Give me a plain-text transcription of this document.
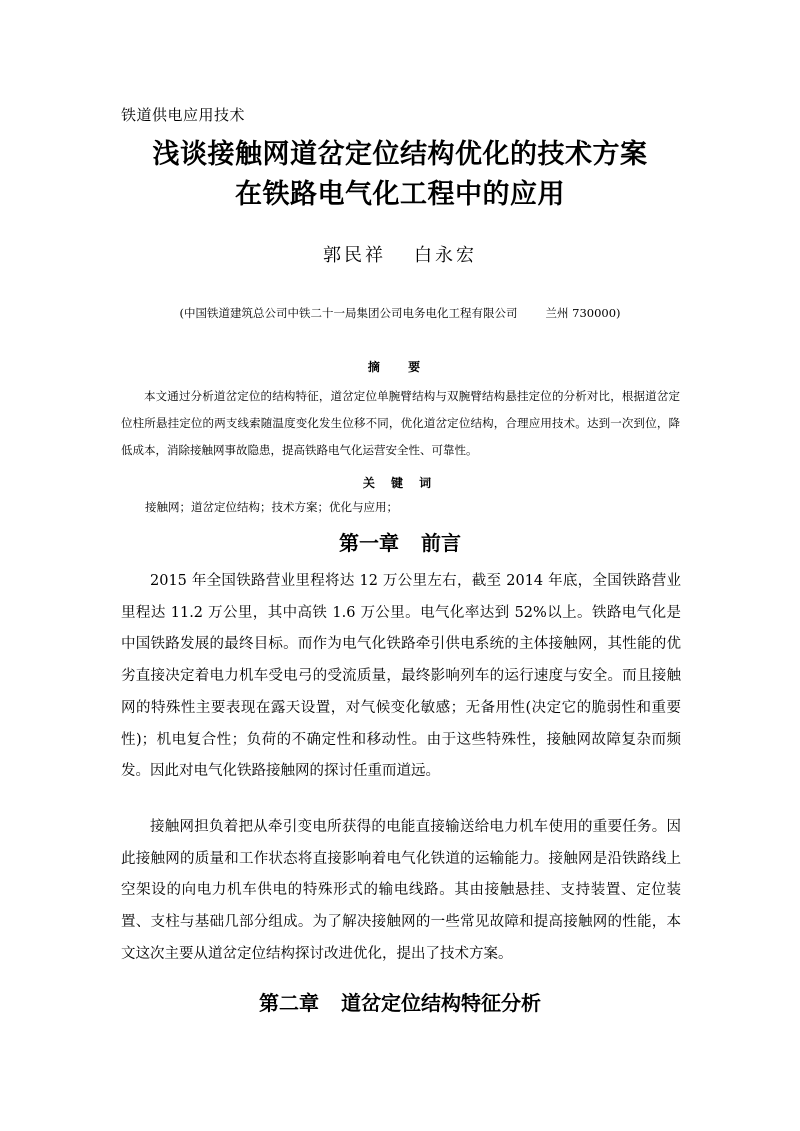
铁道供电应用技术
浅谈接触网道岔定位结构优化的技术方案
在铁路电气化工程中的应用
郭民祥 白永宏
(中国铁道建筑总公司中铁二十一局集团公司电务电化工程有限公司 兰州 730000)
摘 要
本文通过分析道岔定位的结构特征，道岔定位单腕臂结构与双腕臂结构悬挂定位的分析对比，根据道岔定位柱所悬挂定位的两支线索随温度变化发生位移不同，优化道岔定位结构，合理应用技术。达到一次到位，降低成本，消除接触网事故隐患，提高铁路电气化运营安全性、可靠性。
关 键 词
接触网；道岔定位结构；技术方案；优化与应用；
第一章 前言
2015 年全国铁路营业里程将达 12 万公里左右，截至 2014 年底，全国铁路营业里程达 11.2 万公里，其中高铁 1.6 万公里。电气化率达到 52%以上。铁路电气化是中国铁路发展的最终目标。而作为电气化铁路牵引供电系统的主体接触网，其性能的优劣直接决定着电力机车受电弓的受流质量，最终影响列车的运行速度与安全。而且接触网的特殊性主要表现在露天设置，对气候变化敏感；无备用性(决定它的脆弱性和重要性)；机电复合性；负荷的不确定性和移动性。由于这些特殊性，接触网故障复杂而频发。因此对电气化铁路接触网的探讨任重而道远。
接触网担负着把从牵引变电所获得的电能直接输送给电力机车使用的重要任务。因此接触网的质量和工作状态将直接影响着电气化铁道的运输能力。接触网是沿铁路线上空架设的向电力机车供电的特殊形式的输电线路。其由接触悬挂、支持装置、定位装置、支柱与基础几部分组成。为了解决接触网的一些常见故障和提高接触网的性能，本文这次主要从道岔定位结构探讨改进优化，提出了技术方案。
第二章 道岔定位结构特征分析
